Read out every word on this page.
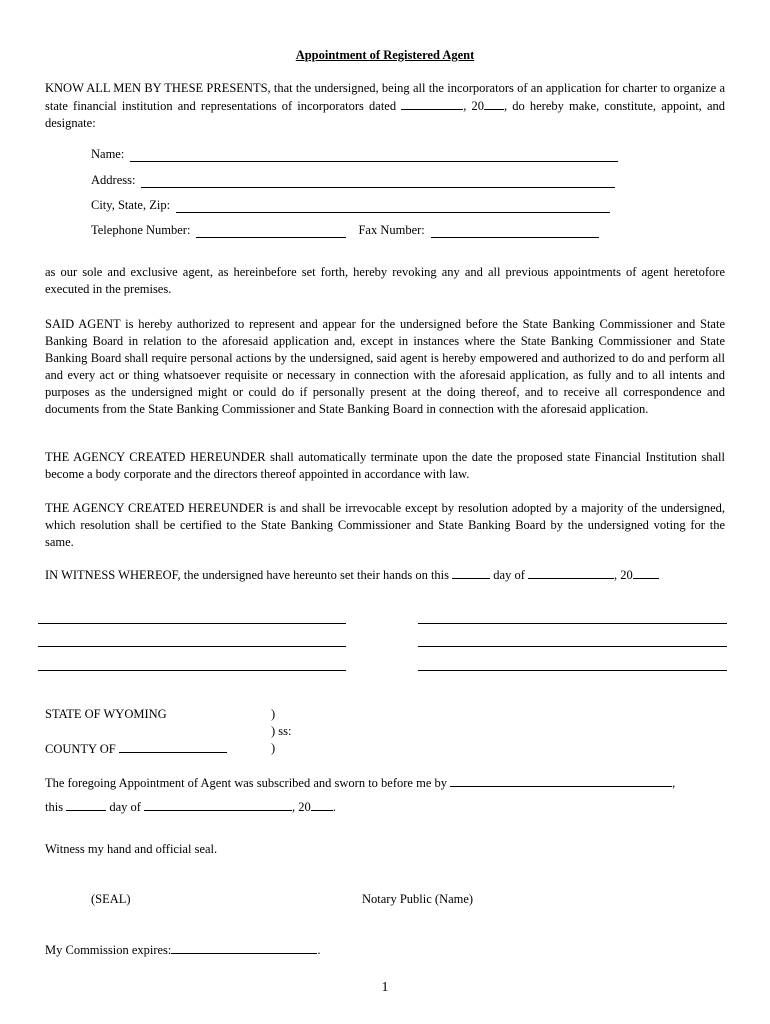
Appointment of Registered Agent

KNOW ALL MEN BY THESE PRESENTS, that the undersigned, being all the incorporators of an application for charter to organize a state financial institution and representations of incorporators dated	, 20 , do hereby make, constitute, appoint, and designate:

Name:
Address:
City, State, Zip:
Telephone Number:	Fax Number:

as our sole and exclusive agent, as hereinbefore set forth, hereby revoking any and all previous appointments of agent heretofore executed in the premises.

SAID AGENT is hereby authorized to represent and appear for the undersigned before the State Banking Commissioner and State Banking Board in relation to the aforesaid application and, except in instances where the State Banking Commissioner and State Banking Board shall require personal actions by the undersigned, said agent is hereby empowered and authorized to do and perform all and every act or thing whatsoever requisite or necessary in connection with the aforesaid application, as fully and to all intents and purposes as the undersigned might or could do if personally present at the doing thereof, and to receive all correspondence and documents from the State Banking Commissioner and State Banking Board in connection with the aforesaid application.

THE AGENCY CREATED HEREUNDER shall automatically terminate upon the date the proposed state Financial Institution shall become a body corporate and the directors thereof appointed in accordance with law.

THE AGENCY CREATED HEREUNDER is and shall be irrevocable except by resolution adopted by a majority of the undersigned, which resolution shall be certified to the State Banking Commissioner and State Banking Board by the undersigned voting for the same.

IN WITNESS WHEREOF, the undersigned have hereunto set their hands on this	day of	, 20
STATE OF WYOMING
COUNTY OF
)
) ss:
)
The foregoing Appointment of Agent was subscribed and sworn to before me by	,
this	day of	, 20 .
Witness my hand and official seal.
(SEAL)	Notary Public (Name)
My Commission expires:	.
1
